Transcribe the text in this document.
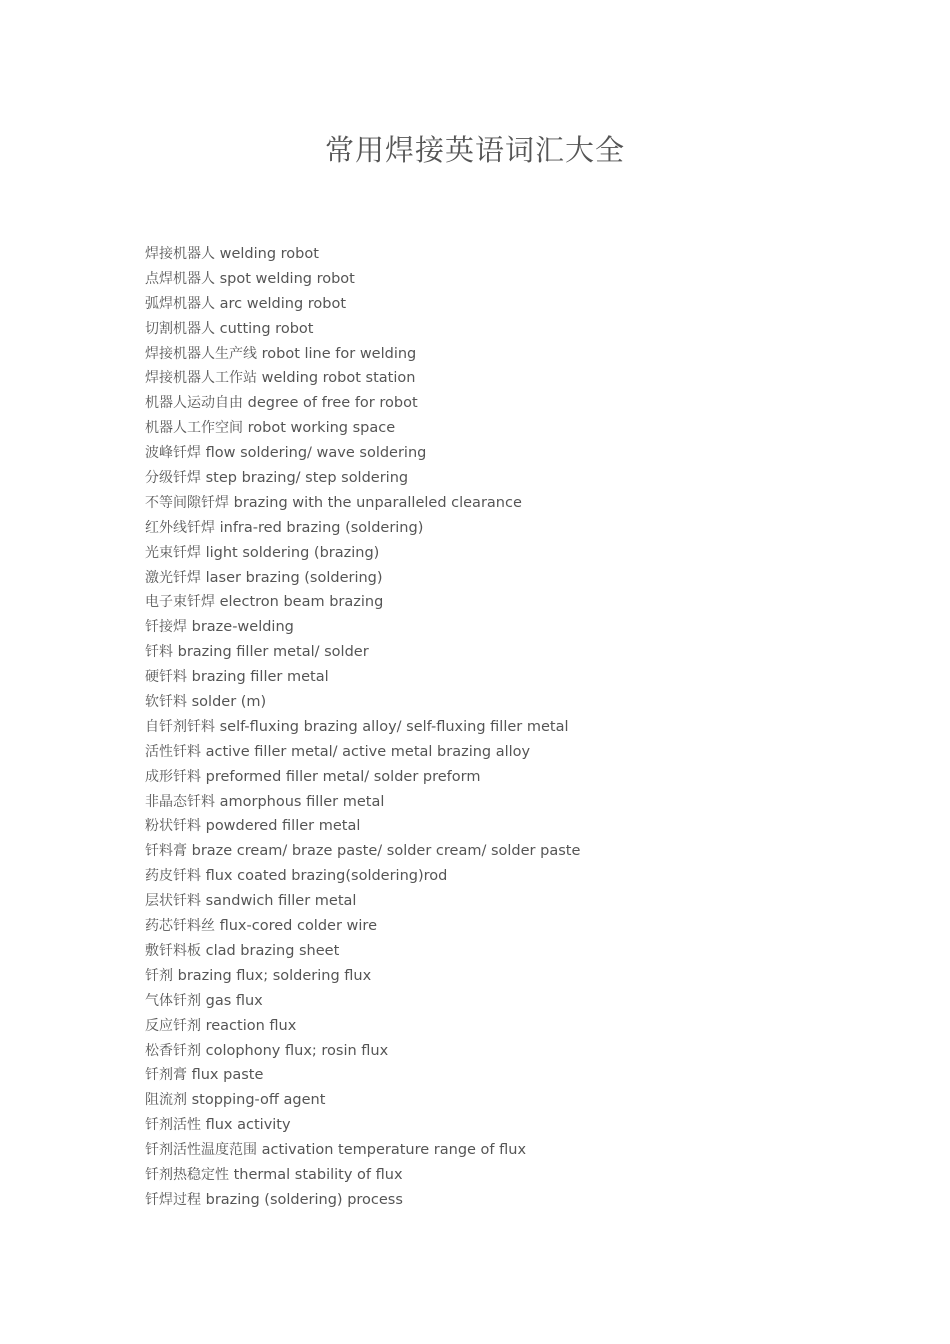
常用焊接英语词汇大全
焊接机器人 welding robot
点焊机器人 spot welding robot
弧焊机器人 arc welding robot
切割机器人 cutting robot
焊接机器人生产线 robot line for welding
焊接机器人工作站 welding robot station
机器人运动自由 degree of free for robot
机器人工作空间 robot working space
波峰钎焊 flow soldering/ wave soldering
分级钎焊 step brazing/ step soldering
不等间隙钎焊 brazing with the unparalleled clearance
红外线钎焊 infra-red brazing (soldering)
光束钎焊 light soldering (brazing)
激光钎焊 laser brazing (soldering)
电子束钎焊 electron beam brazing
钎接焊 braze-welding
钎料 brazing filler metal/ solder
硬钎料 brazing filler metal
软钎料 solder (m)
自钎剂钎料 self-fluxing brazing alloy/ self-fluxing filler metal
活性钎料 active filler metal/ active metal brazing alloy
成形钎料 preformed filler metal/ solder preform
非晶态钎料 amorphous filler metal
粉状钎料 powdered filler metal
钎料膏 braze cream/ braze paste/ solder cream/ solder paste
药皮钎料 flux coated brazing(soldering)rod
层状钎料 sandwich filler metal
药芯钎料丝 flux-cored colder wire
敷钎料板 clad brazing sheet
钎剂 brazing flux; soldering flux
气体钎剂 gas flux
反应钎剂 reaction flux
松香钎剂 colophony flux; rosin flux
钎剂膏 flux paste
阻流剂 stopping-off agent
钎剂活性 flux activity
钎剂活性温度范围 activation temperature range of flux
钎剂热稳定性 thermal stability of flux
钎焊过程 brazing (soldering) process
